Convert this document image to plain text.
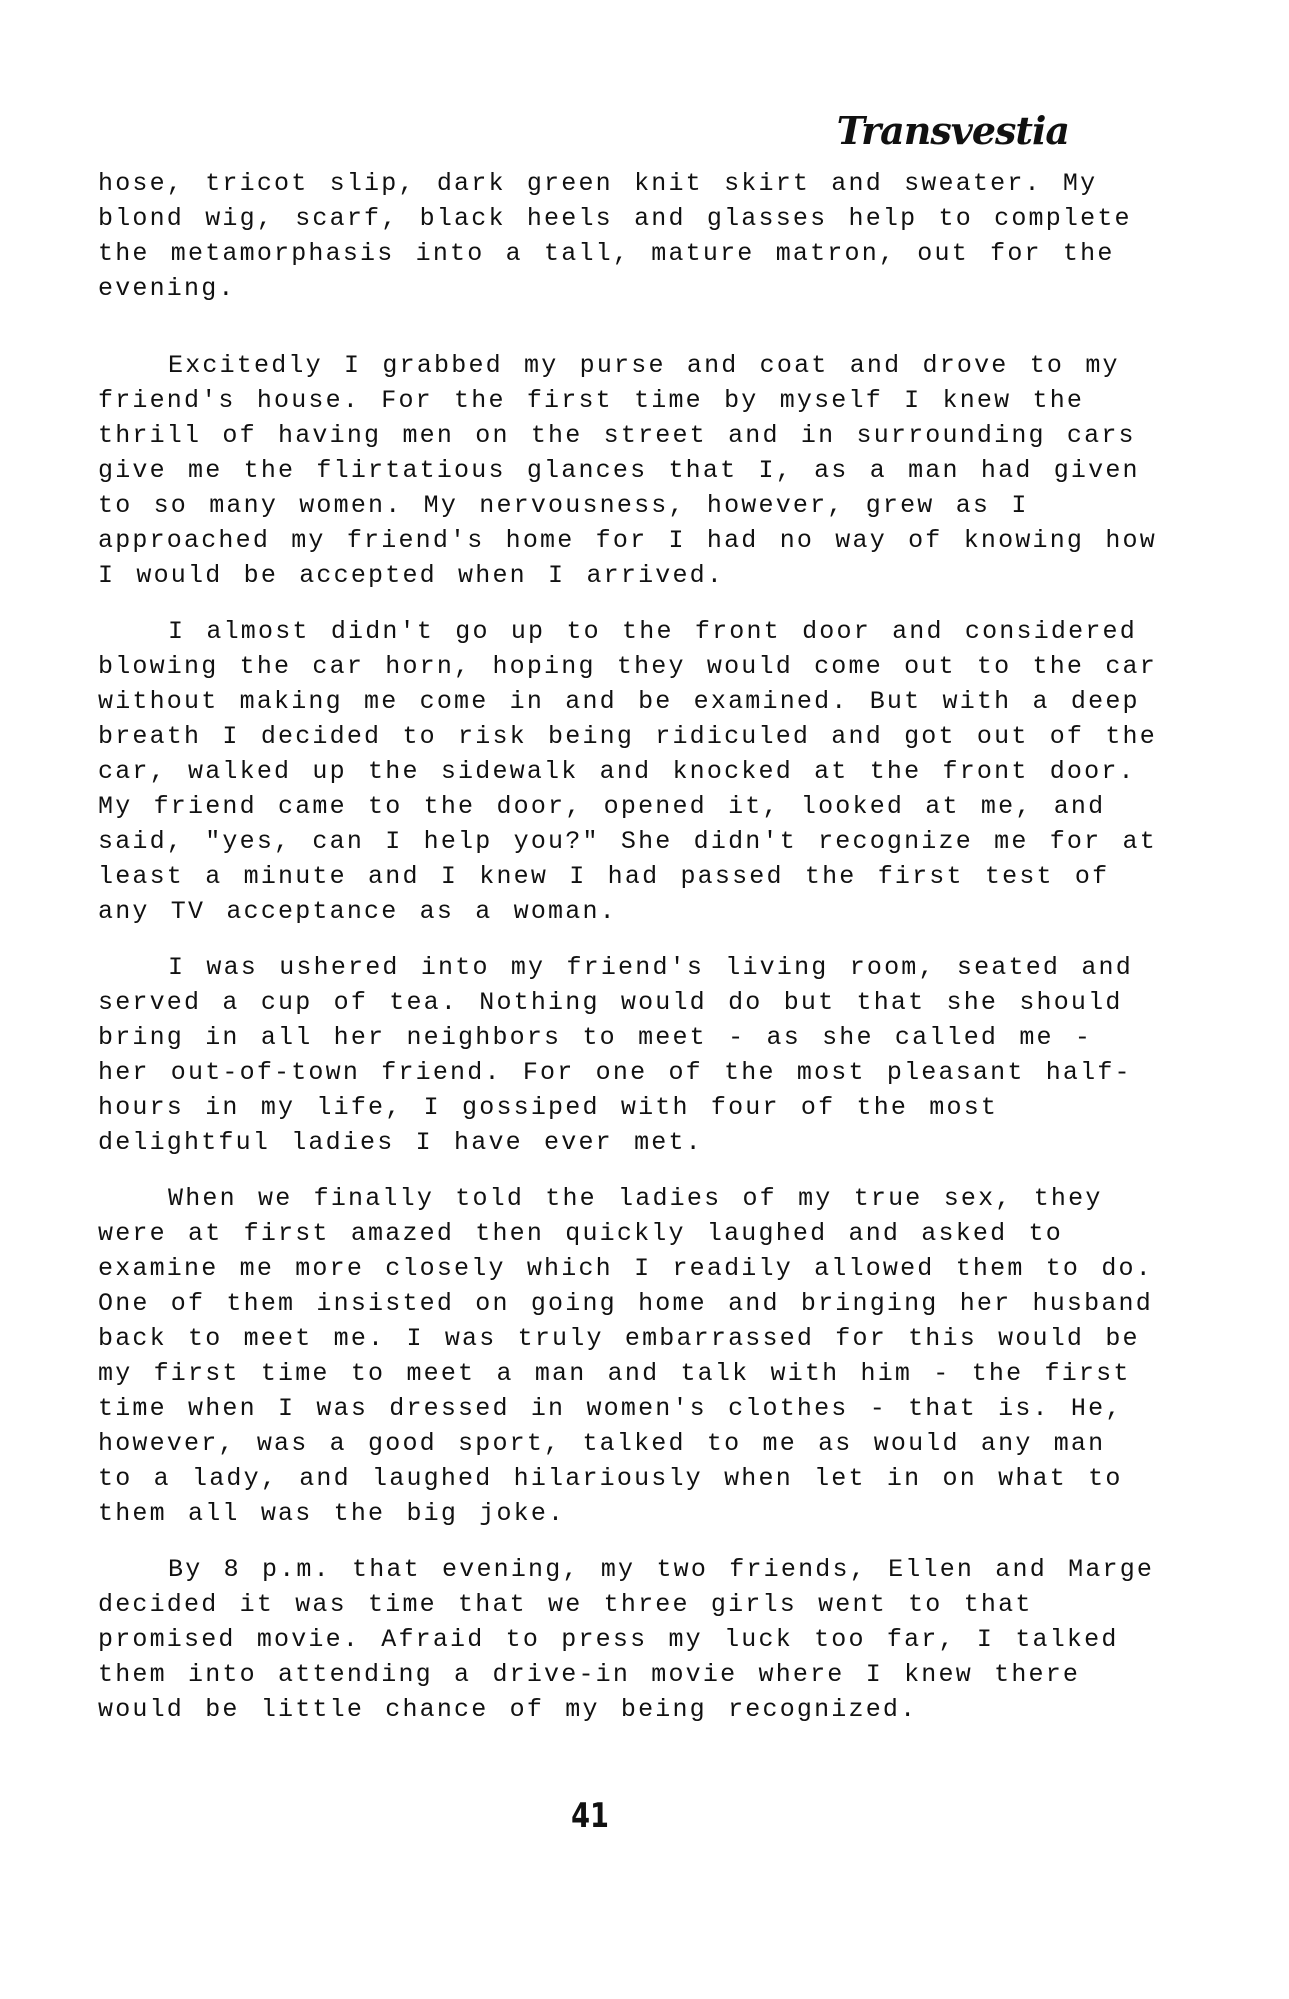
Transvestia

hose, tricot slip, dark green knit skirt and sweater. My blond wig, scarf, black heels and glasses help to complete the metamorphasis into a tall, mature matron, out for the evening.

Excitedly I grabbed my purse and coat and drove to my friend's house. For the first time by myself I knew the thrill of having men on the street and in surrounding cars give me the flirtatious glances that I, as a man had given to so many women. My nervousness, however, grew as I approached my friend's home for I had no way of knowing how I would be accepted when I arrived.

I almost didn't go up to the front door and considered blowing the car horn, hoping they would come out to the car without making me come in and be examined. But with a deep breath I decided to risk being ridiculed and got out of the car, walked up the sidewalk and knocked at the front door. My friend came to the door, opened it, looked at me, and said, "yes, can I help you?" She didn't recognize me for at least a minute and I knew I had passed the first test of any TV acceptance as a woman.

I was ushered into my friend's living room, seated and served a cup of tea. Nothing would do but that she should bring in all her neighbors to meet - as she called me - her out-of-town friend. For one of the most pleasant half-hours in my life, I gossiped with four of the most delightful ladies I have ever met.

When we finally told the ladies of my true sex, they were at first amazed then quickly laughed and asked to examine me more closely which I readily allowed them to do. One of them insisted on going home and bringing her husband back to meet me. I was truly embarrassed for this would be my first time to meet a man and talk with him - the first time when I was dressed in women's clothes - that is. He, however, was a good sport, talked to me as would any man to a lady, and laughed hilariously when let in on what to them all was the big joke.

By 8 p.m. that evening, my two friends, Ellen and Marge decided it was time that we three girls went to that promised movie. Afraid to press my luck too far, I talked them into attending a drive-in movie where I knew there would be little chance of my being recognized.

41
